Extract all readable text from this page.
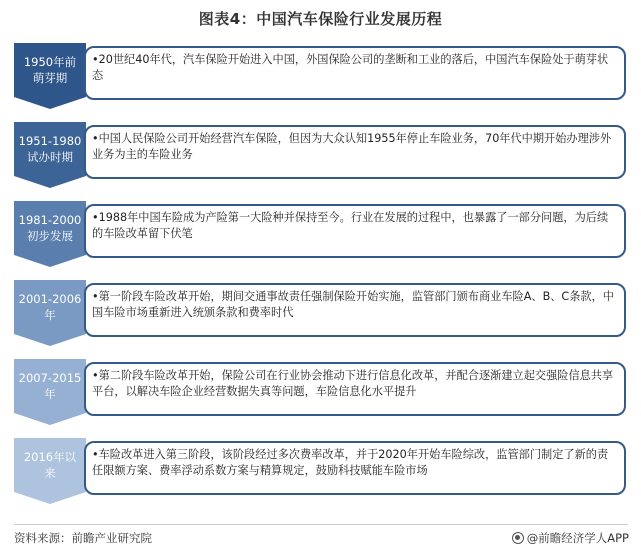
图表4：中国汽车保险行业发展历程
1950年前
萌芽期
•20世纪40年代，汽车保险开始进入中国，外国保险公司的垄断和工业的落后，中国汽车保险处于萌芽状态
1951-1980
试办时期
•中国人民保险公司开始经营汽车保险，但因为大众认知1955年停止车险业务，70年代中期开始办理涉外业务为主的车险业务
1981-2000
初步发展
•1988年中国车险成为产险第一大险种并保持至今。行业在发展的过程中，也暴露了一部分问题，为后续的车险改革留下伏笔
2001-2006
年
•第一阶段车险改革开始，期间交通事故责任强制保险开始实施，监管部门颁布商业车险A、B、C条款，中国车险市场重新进入统颁条款和费率时代
2007-2015
年
•第二阶段车险改革开始，保险公司在行业协会推动下进行信息化改革，并配合逐渐建立起交强险信息共享平台，以解决车险企业经营数据失真等问题，车险信息化水平提升
2016年以
来
•车险改革进入第三阶段，该阶段经过多次费率改革，并于2020年开始车险综改，监管部门制定了新的责任限额方案、费率浮动系数方案与精算规定，鼓励科技赋能车险市场
资料来源：前瞻产业研究院	@前瞻经济学人APP
